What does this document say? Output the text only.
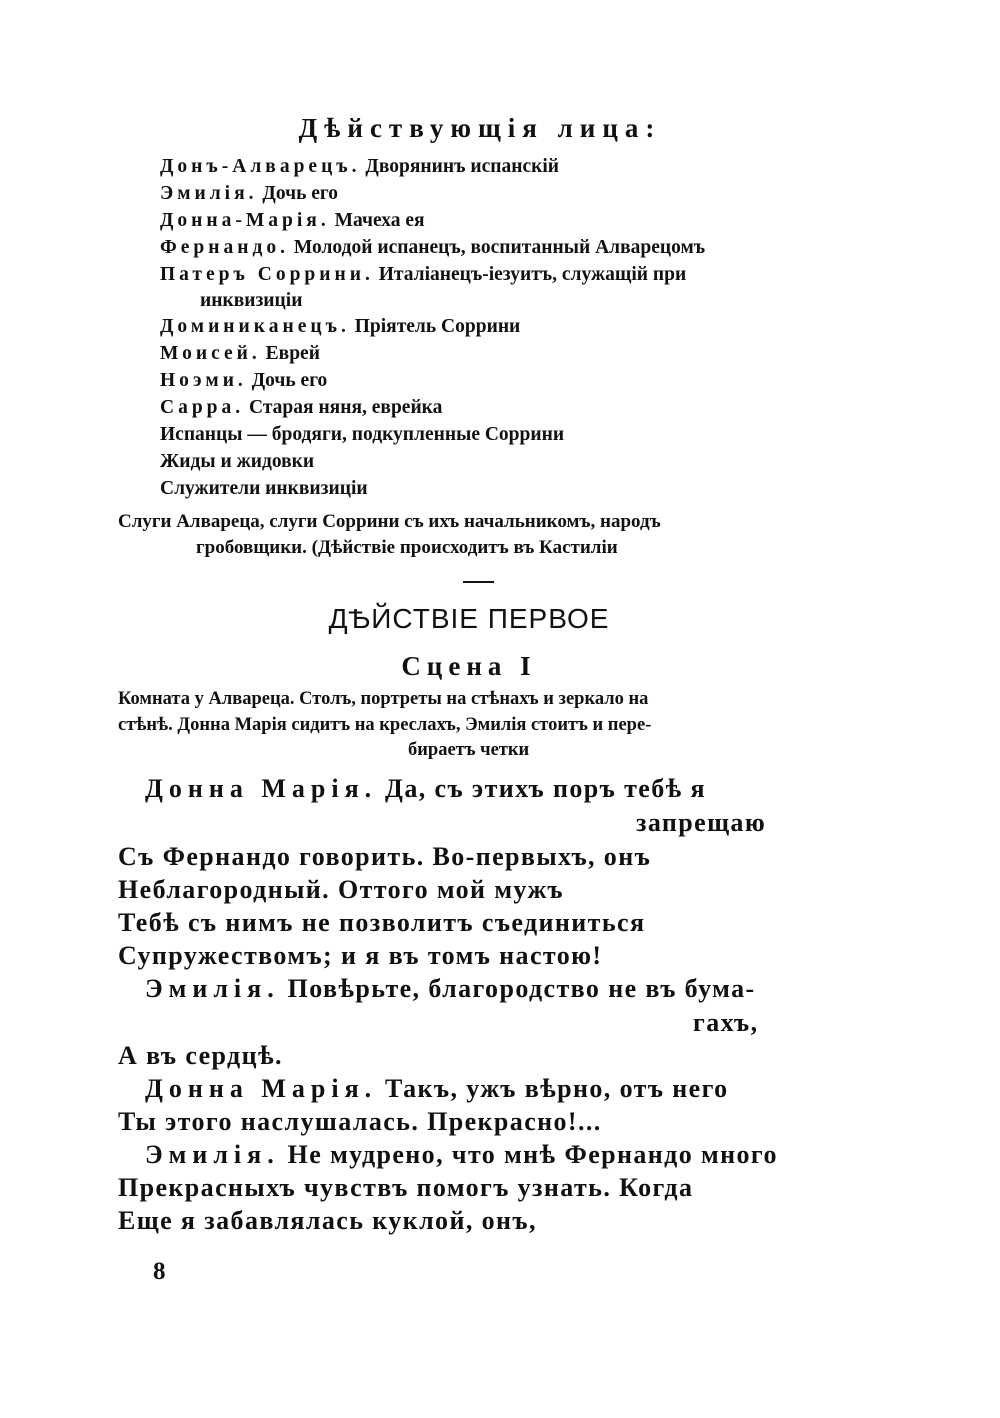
Дѣйствующія лица:
Донъ-Алварецъ. Дворянинъ испанскій
Эмилія. Дочь его
Донна-Марія. Мачеха ея
Фернандо. Молодой испанецъ, воспитанный Алварецомъ
Патеръ Соррини. Италіанецъ-іезуитъ, служащій при
инквизиціи
Доминиканецъ. Пріятель Соррини
Моисей. Еврей
Ноэми. Дочь его
Сарра. Старая няня, еврейка
Испанцы — бродяги, подкупленные Соррини
Жиды и жидовки
Служители инквизиціи
Слуги Алвареца, слуги Соррини съ ихъ начальникомъ, народъ
гробовщики. (Дѣйствіе происходитъ въ Кастиліи
ДѢЙСТВІЕ ПЕРВОЕ
Сцена I
Комната у Алвареца. Столъ, портреты на стѣнахъ и зеркало на
стѣнѣ. Донна Марія сидитъ на креслахъ, Эмилія стоитъ и пере-
бираетъ четки
Донна Марія. Да, съ этихъ поръ тебѣ я
запрещаю
Съ Фернандо говорить. Во-первыхъ, онъ
Неблагородный. Оттого мой мужъ
Тебѣ съ нимъ не позволитъ съединиться
Супружествомъ; и я въ томъ настою!
Эмилія. Повѣрьте, благородство не въ бума-
гахъ,
А въ сердцѣ.
Донна Марія. Такъ, ужъ вѣрно, отъ него
Ты этого наслушалась. Прекрасно!...
Эмилія. Не мудрено, что мнѣ Фернандо много
Прекрасныхъ чувствъ помогъ узнать. Когда
Еще я забавлялась куклой, онъ,
8
